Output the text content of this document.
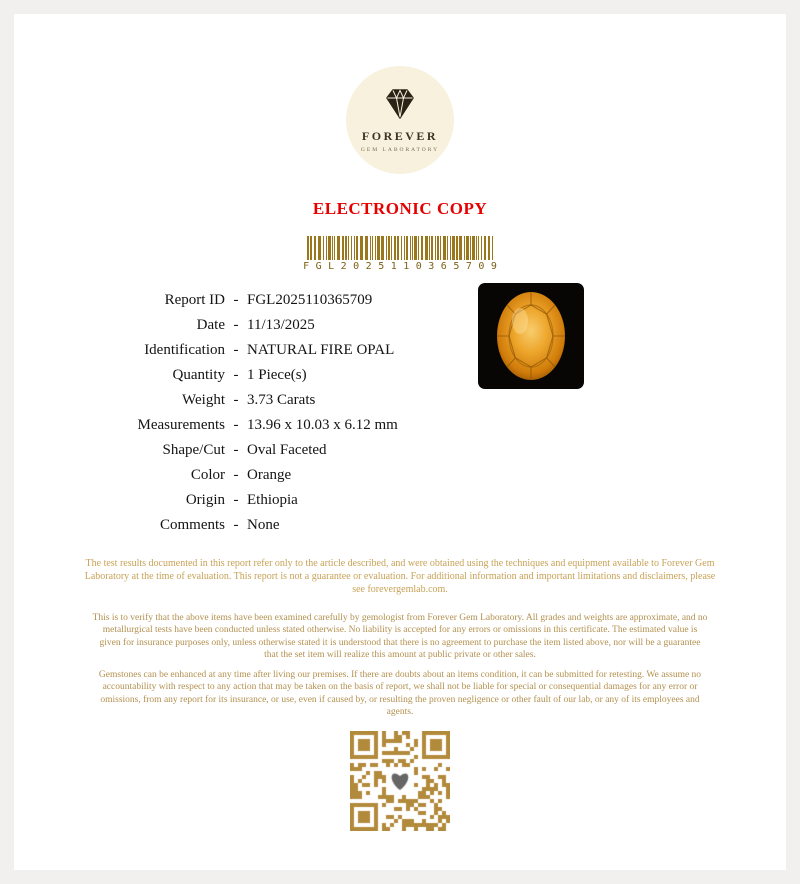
FOREVER
GEM LABORATORY
ELECTRONIC COPY
FGL2025110365709
Report ID - FGL2025110365709
Date - 11/13/2025
Identification - NATURAL FIRE OPAL
Quantity - 1 Piece(s)
Weight - 3.73 Carats
Measurements - 13.96 x 10.03 x 6.12 mm
Shape/Cut - Oval Faceted
Color - Orange
Origin - Ethiopia
Comments - None

The test results documented in this report refer only to the article described, and were obtained using the techniques and equipment available to Forever Gem Laboratory at the time of evaluation. This report is not a guarantee or evaluation. For additional information and important limitations and disclaimers, please see forevergemlab.com.

This is to verify that the above items have been examined carefully by gemologist from Forever Gem Laboratory. All grades and weights are approximate, and no metallurgical tests have been conducted unless stated otherwise. No liability is accepted for any errors or omissions in this certificate. The estimated value is given for insurance purposes only, unless otherwise stated it is understood that there is no agreement to purchase the item listed above, nor will be a guarantee that the set item will realize this amount at public private or other sales.

Gemstones can be enhanced at any time after living our premises. If there are doubts about an items condition, it can be submitted for retesting. We assume no accountability with respect to any action that may be taken on the basis of report, we shall not be liable for special or consequential damages for any error or omissions, from any report for its insurance, or use, even if caused by, or resulting the proven negligence or other fault of our lab, or any of its employees and agents.
